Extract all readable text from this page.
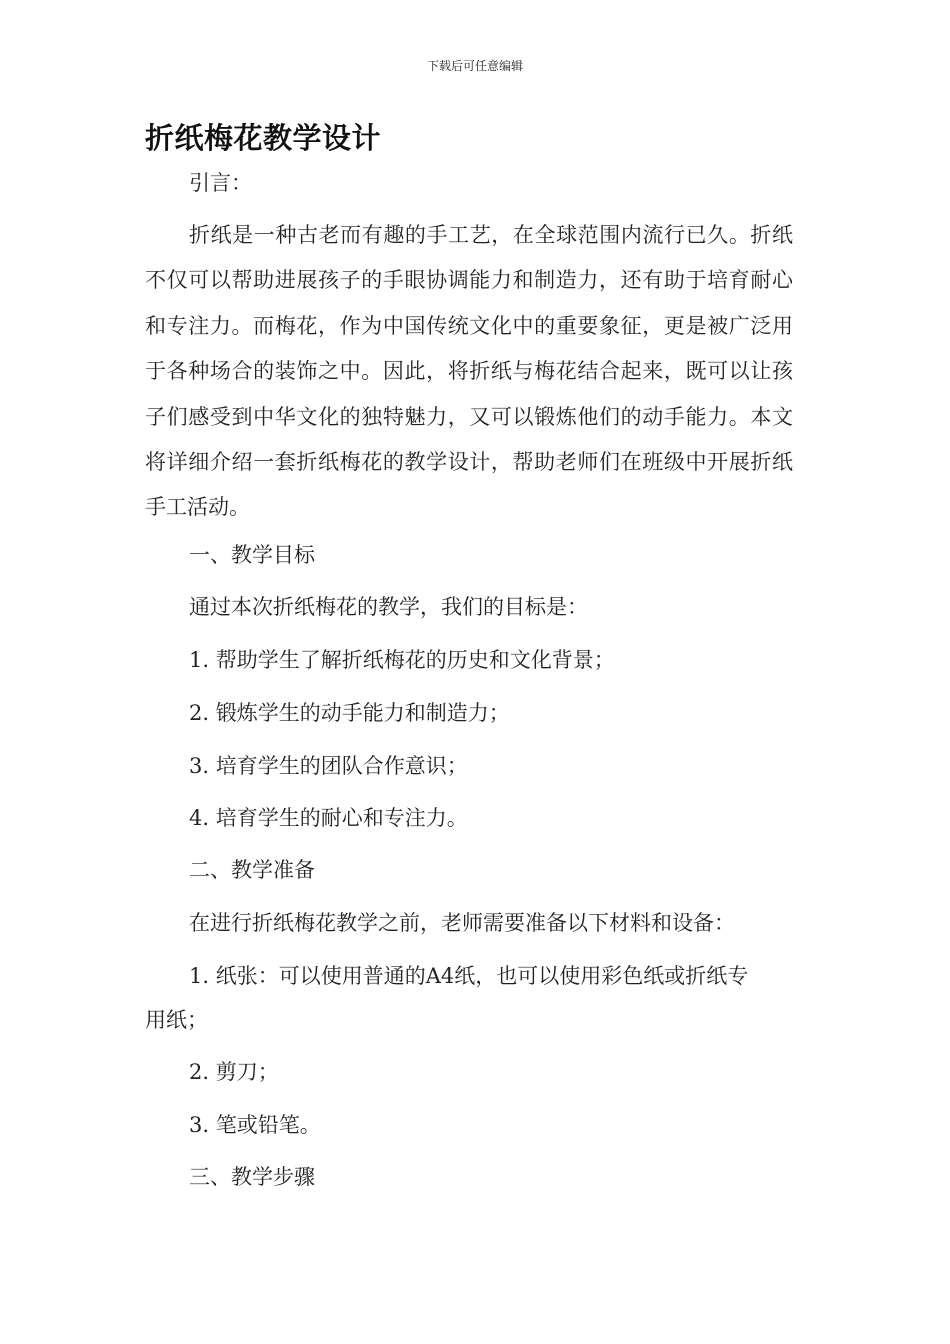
下载后可任意编辑
折纸梅花教学设计
引言：
折纸是一种古老而有趣的手工艺，在全球范围内流行已久。折纸不仅可以帮助进展孩子的手眼协调能力和制造力，还有助于培育耐心和专注力。而梅花，作为中国传统文化中的重要象征，更是被广泛用于各种场合的装饰之中。因此，将折纸与梅花结合起来，既可以让孩子们感受到中华文化的独特魅力，又可以锻炼他们的动手能力。本文将详细介绍一套折纸梅花的教学设计，帮助老师们在班级中开展折纸手工活动。
一、教学目标
通过本次折纸梅花的教学，我们的目标是：
1. 帮助学生了解折纸梅花的历史和文化背景；
2. 锻炼学生的动手能力和制造力；
3. 培育学生的团队合作意识；
4. 培育学生的耐心和专注力。
二、教学准备
在进行折纸梅花教学之前，老师需要准备以下材料和设备：
1. 纸张：可以使用普通的A4纸，也可以使用彩色纸或折纸专
用纸；
2. 剪刀；
3. 笔或铅笔。
三、教学步骤
